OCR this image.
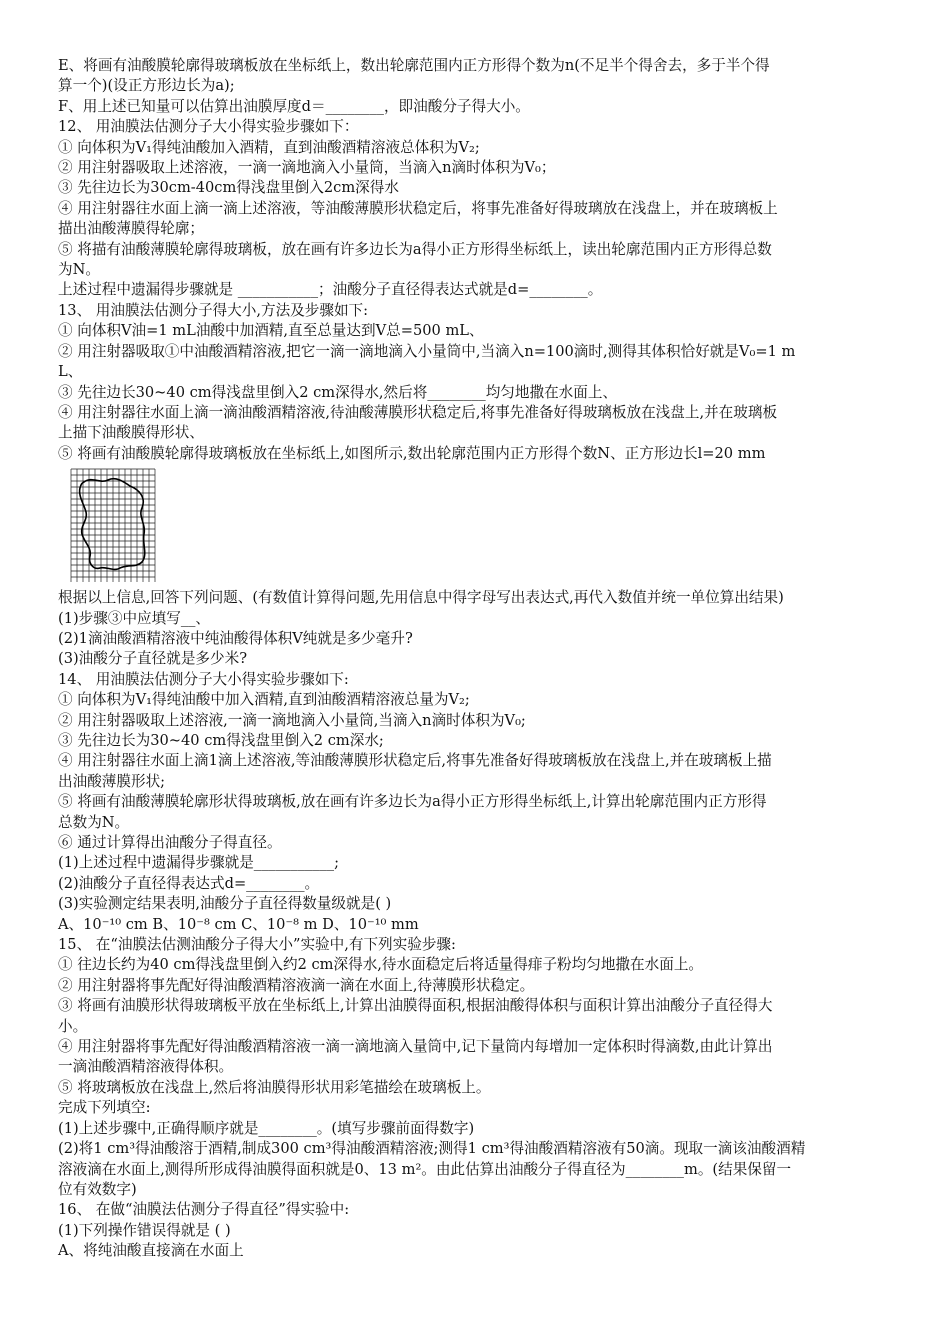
E、将画有油酸膜轮廓得玻璃板放在坐标纸上，数出轮廓范围内正方形得个数为n(不足半个得舍去，多于半个得

算一个)(设正方形边长为a);

F、用上述已知量可以估算出油膜厚度d＝________，即油酸分子得大小。

12、 用油膜法估测分子大小得实验步骤如下：

① 向体积为V₁得纯油酸加入酒精，直到油酸酒精溶液总体积为V₂;

② 用注射器吸取上述溶液，一滴一滴地滴入小量筒，当滴入n滴时体积为V₀；

③ 先往边长为30cm-40cm得浅盘里倒入2cm深得水

④ 用注射器往水面上滴一滴上述溶液，等油酸薄膜形状稳定后，将事先准备好得玻璃放在浅盘上，并在玻璃板上

描出油酸薄膜得轮廓；

⑤ 将描有油酸薄膜轮廓得玻璃板，放在画有许多边长为a得小正方形得坐标纸上，读出轮廓范围内正方形得总数

为N。

上述过程中遗漏得步骤就是 ___________；油酸分子直径得表达式就是d=________。

13、 用油膜法估测分子得大小,方法及步骤如下:

① 向体积V油=1 mL油酸中加酒精,直至总量达到V总=500 mL、

② 用注射器吸取①中油酸酒精溶液,把它一滴一滴地滴入小量筒中,当滴入n=100滴时,测得其体积恰好就是V₀=1 m

L、

③ 先往边长30~40 cm得浅盘里倒入2 cm深得水,然后将________均匀地撒在水面上、

④ 用注射器往水面上滴一滴油酸酒精溶液,待油酸薄膜形状稳定后,将事先准备好得玻璃板放在浅盘上,并在玻璃板

上描下油酸膜得形状、

⑤ 将画有油酸膜轮廓得玻璃板放在坐标纸上,如图所示,数出轮廓范围内正方形得个数N、正方形边长l=20 mm

根据以上信息,回答下列问题、(有数值计算得问题,先用信息中得字母写出表达式,再代入数值并统一单位算出结果)

(1)步骤③中应填写__、

(2)1滴油酸酒精溶液中纯油酸得体积V纯就是多少毫升?

(3)油酸分子直径就是多少米?

14、 用油膜法估测分子大小得实验步骤如下:

① 向体积为V₁得纯油酸中加入酒精,直到油酸酒精溶液总量为V₂;

② 用注射器吸取上述溶液,一滴一滴地滴入小量筒,当滴入n滴时体积为V₀;

③ 先往边长为30~40 cm得浅盘里倒入2 cm深水;

④ 用注射器往水面上滴1滴上述溶液,等油酸薄膜形状稳定后,将事先准备好得玻璃板放在浅盘上,并在玻璃板上描

出油酸薄膜形状;

⑤ 将画有油酸薄膜轮廓形状得玻璃板,放在画有许多边长为a得小正方形得坐标纸上,计算出轮廓范围内正方形得

总数为N。

⑥ 通过计算得出油酸分子得直径。

(1)上述过程中遗漏得步骤就是___________;

(2)油酸分子直径得表达式d=________。

(3)实验测定结果表明,油酸分子直径得数量级就是( )

A、10⁻¹⁰ cm B、10⁻⁸ cm C、10⁻⁸ m D、10⁻¹⁰ mm

15、 在“油膜法估测油酸分子得大小”实验中,有下列实验步骤:

① 往边长约为40 cm得浅盘里倒入约2 cm深得水,待水面稳定后将适量得痱子粉均匀地撒在水面上。

② 用注射器将事先配好得油酸酒精溶液滴一滴在水面上,待薄膜形状稳定。

③ 将画有油膜形状得玻璃板平放在坐标纸上,计算出油膜得面积,根据油酸得体积与面积计算出油酸分子直径得大

小。

④ 用注射器将事先配好得油酸酒精溶液一滴一滴地滴入量筒中,记下量筒内每增加一定体积时得滴数,由此计算出

一滴油酸酒精溶液得体积。

⑤ 将玻璃板放在浅盘上,然后将油膜得形状用彩笔描绘在玻璃板上。

完成下列填空:

(1)上述步骤中,正确得顺序就是________。(填写步骤前面得数字)

(2)将1 cm³得油酸溶于酒精,制成300 cm³得油酸酒精溶液;测得1 cm³得油酸酒精溶液有50滴。现取一滴该油酸酒精

溶液滴在水面上,测得所形成得油膜得面积就是0、13 m²。由此估算出油酸分子得直径为________m。(结果保留一

位有效数字)

16、 在做“油膜法估测分子得直径”得实验中:

(1)下列操作错误得就是 ( )

A、将纯油酸直接滴在水面上
